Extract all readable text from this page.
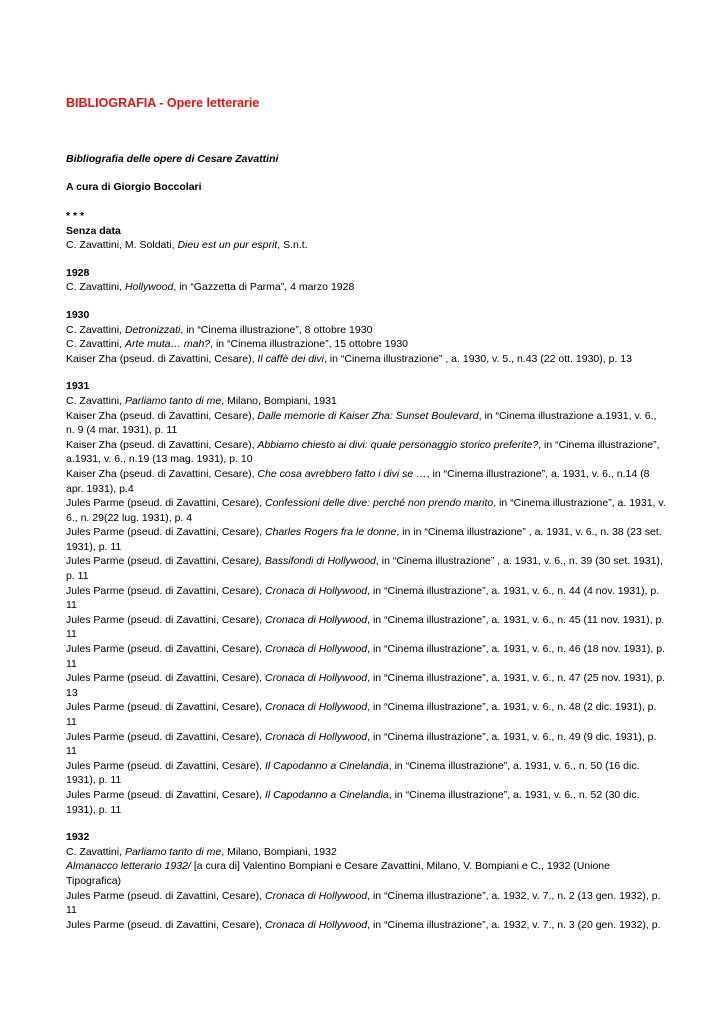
BIBLIOGRAFIA - Opere letterarie
Bibliografia delle opere di Cesare Zavattini
A cura di Giorgio Boccolari
* * *
Senza data
C. Zavattini, M. Soldati, Dieu est un pur esprit, S.n.t.
1928
C. Zavattini, Hollywood, in “Gazzetta di Parma”, 4 marzo 1928
1930
C. Zavattini, Detronizzati, in “Cinema illustrazione”, 8 ottobre 1930
C. Zavattini, Arte muta… mah?, in “Cinema illustrazione”, 15 ottobre 1930
Kaiser Zha (pseud. di Zavattini, Cesare), Il caffè dei divi, in “Cinema illustrazione” , a. 1930, v. 5., n.43 (22 ott. 1930), p. 13
1931
C. Zavattini, Parliamo tanto di me, Milano, Bompiani, 1931
Kaiser Zha (pseud. di Zavattini, Cesare), Dalle memorie di Kaiser Zha: Sunset Boulevard, in “Cinema illustrazione a.1931, v. 6., n. 9 (4 mar. 1931), p. 11
Kaiser Zha (pseud. di Zavattini, Cesare), Abbiamo chiesto ai divi: quale personaggio storico preferite?, in “Cinema illustrazione”, a.1931, v. 6., n.19 (13 mag. 1931), p. 10
Kaiser Zha (pseud. di Zavattini, Cesare), Che cosa avrebbero fatto i divi se …, in “Cinema illustrazione”, a. 1931, v. 6., n.14 (8 apr. 1931), p.4
Jules Parme (pseud. di Zavattini, Cesare), Confessioni delle dive: perché non prendo marito, in “Cinema illustrazione”, a. 1931, v. 6., n. 29(22 lug. 1931), p. 4
Jules Parme (pseud. di Zavattini, Cesare), Charles Rogers fra le donne, in in “Cinema illustrazione” , a. 1931, v. 6., n. 38 (23 set. 1931), p. 11
Jules Parme (pseud. di Zavattini, Cesare), Bassifondi di Hollywood, in “Cinema illustrazione” , a. 1931, v. 6., n. 39 (30 set. 1931), p. 11
Jules Parme (pseud. di Zavattini, Cesare), Cronaca di Hollywood, in “Cinema illustrazione”, a. 1931, v. 6., n. 44 (4 nov. 1931), p. 11
Jules Parme (pseud. di Zavattini, Cesare), Cronaca di Hollywood, in “Cinema illustrazione”, a. 1931, v. 6., n. 45 (11 nov. 1931), p. 11
Jules Parme (pseud. di Zavattini, Cesare), Cronaca di Hollywood, in “Cinema illustrazione”, a. 1931, v. 6., n. 46 (18 nov. 1931), p. 11
Jules Parme (pseud. di Zavattini, Cesare), Cronaca di Hollywood, in “Cinema illustrazione”, a. 1931, v. 6., n. 47 (25 nov. 1931), p. 13
Jules Parme (pseud. di Zavattini, Cesare), Cronaca di Hollywood, in “Cinema illustrazione”, a. 1931, v. 6., n. 48 (2 dic. 1931), p. 11
Jules Parme (pseud. di Zavattini, Cesare), Cronaca di Hollywood, in “Cinema illustrazione”, a. 1931, v. 6., n. 49 (9 dic. 1931), p. 11
Jules Parme (pseud. di Zavattini, Cesare), Il Capodanno a Cinelandia, in “Cinema illustrazione”, a. 1931, v. 6., n. 50 (16 dic. 1931), p. 11
Jules Parme (pseud. di Zavattini, Cesare), Il Capodanno a Cinelandia, in “Cinema illustrazione”, a. 1931, v. 6., n. 52 (30 dic. 1931), p. 11
1932
C. Zavattini, Parliamo tanto di me, Milano, Bompiani, 1932
Almanacco letterario 1932/ [a cura di] Valentino Bompiani e Cesare Zavattini, Milano, V. Bompiani e C., 1932 (Unione Tipografica)
Jules Parme (pseud. di Zavattini, Cesare), Cronaca di Hollywood, in “Cinema illustrazione”, a. 1932, v. 7., n. 2 (13 gen. 1932), p. 11
Jules Parme (pseud. di Zavattini, Cesare), Cronaca di Hollywood, in “Cinema illustrazione”, a. 1932, v. 7., n. 3 (20 gen. 1932), p.
